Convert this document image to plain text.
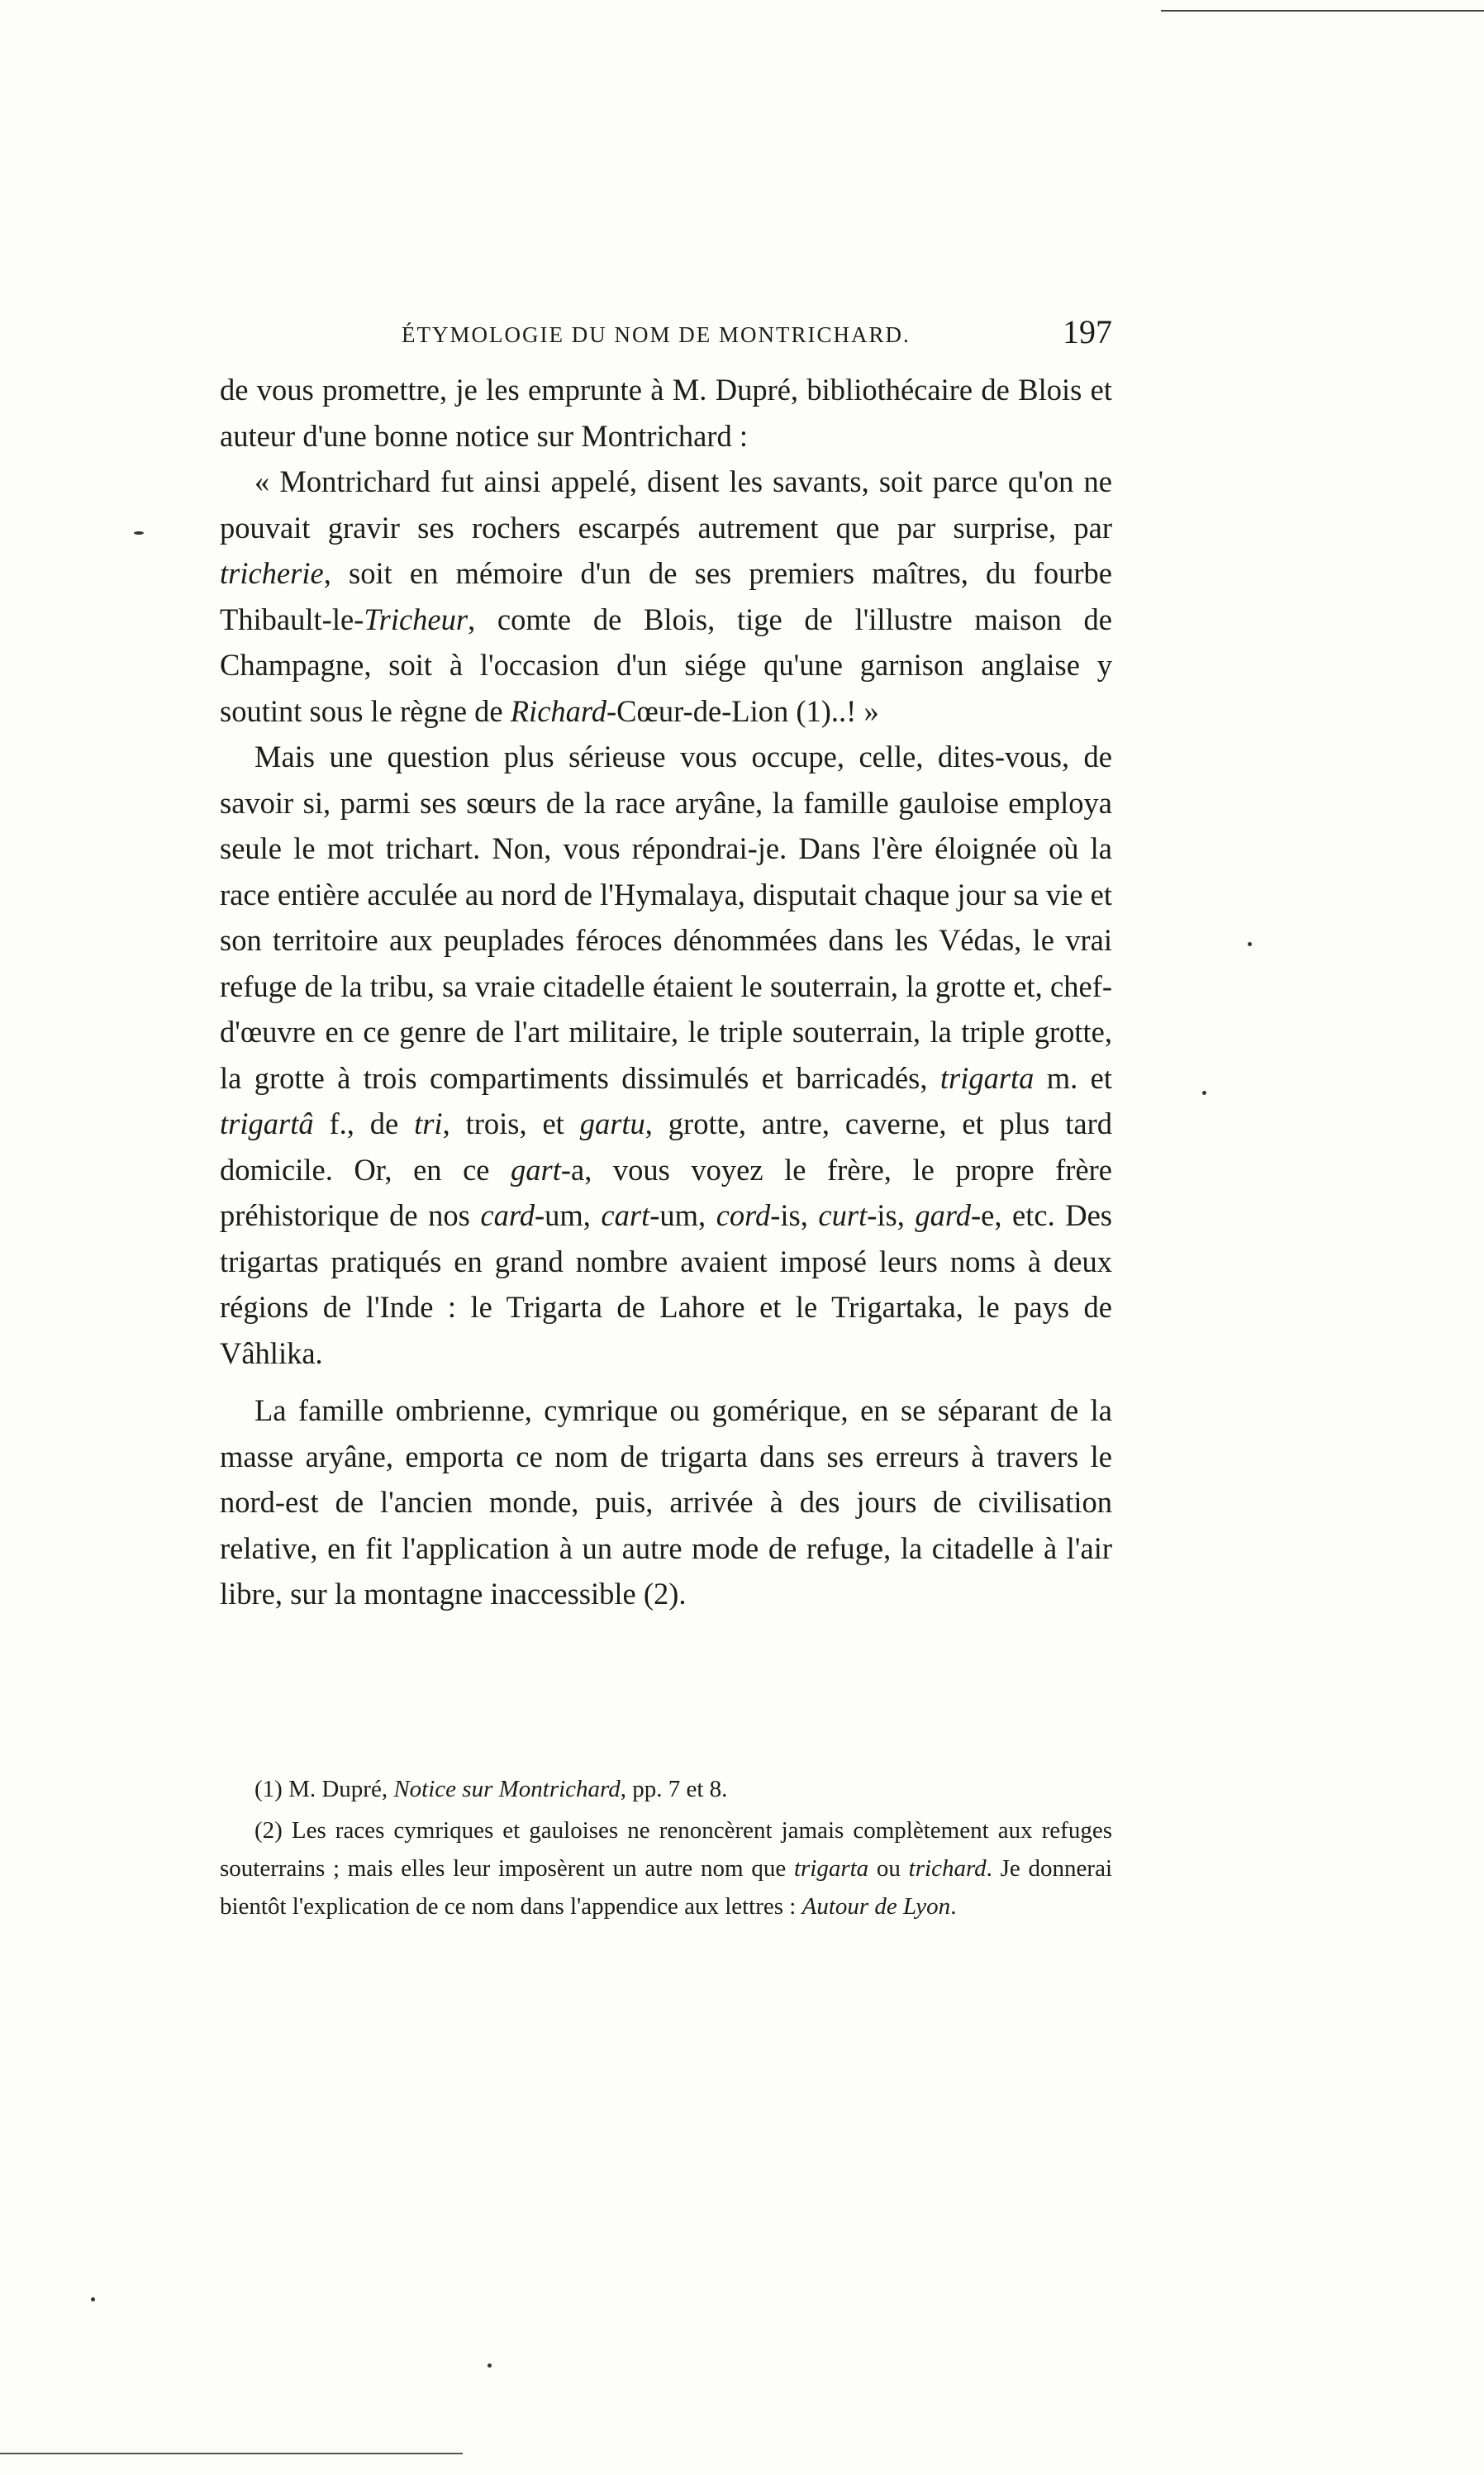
ÉTYMOLOGIE DU NOM DE MONTRICHARD.	197

de vous promettre, je les emprunte à M. Dupré, bibliothécaire de Blois et auteur d'une bonne notice sur Montrichard :

« Montrichard fut ainsi appelé, disent les savants, soit parce qu'on ne pouvait gravir ses rochers escarpés autrement que par surprise, par tricherie, soit en mémoire d'un de ses premiers maîtres, du fourbe Thibault-le-Tricheur, comte de Blois, tige de l'illustre maison de Champagne, soit à l'occasion d'un siége qu'une garnison anglaise y soutint sous le règne de Richard-Cœur-de-Lion (1)..! »

Mais une question plus sérieuse vous occupe, celle, dites-vous, de savoir si, parmi ses sœurs de la race aryâne, la famille gauloise employa seule le mot trichart. Non, vous répondrai-je. Dans l'ère éloignée où la race entière acculée au nord de l'Hymalaya, disputait chaque jour sa vie et son territoire aux peuplades féroces dénommées dans les Védas, le vrai refuge de la tribu, sa vraie citadelle étaient le souterrain, la grotte et, chef-d'œuvre en ce genre de l'art militaire, le triple souterrain, la triple grotte, la grotte à trois compartiments dissimulés et barricadés, trigarta m. et trigartâ f., de tri, trois, et gartu, grotte, antre, caverne, et plus tard domicile. Or, en ce gart-a, vous voyez le frère, le propre frère préhistorique de nos card-um, cart-um, cord-is, curt-is, gard-e, etc. Des trigartas pratiqués en grand nombre avaient imposé leurs noms à deux régions de l'Inde : le Trigarta de Lahore et le Trigartaka, le pays de Vâhlika.

La famille ombrienne, cymrique ou gomérique, en se séparant de la masse aryâne, emporta ce nom de trigarta dans ses erreurs à travers le nord-est de l'ancien monde, puis, arrivée à des jours de civilisation relative, en fit l'application à un autre mode de refuge, la citadelle à l'air libre, sur la montagne inaccessible (2).

(1) M. Dupré, Notice sur Montrichard, pp. 7 et 8.

(2) Les races cymriques et gauloises ne renoncèrent jamais complètement aux refuges souterrains ; mais elles leur imposèrent un autre nom que trigarta ou trichard. Je donnerai bientôt l'explication de ce nom dans l'appendice aux lettres : Autour de Lyon.
